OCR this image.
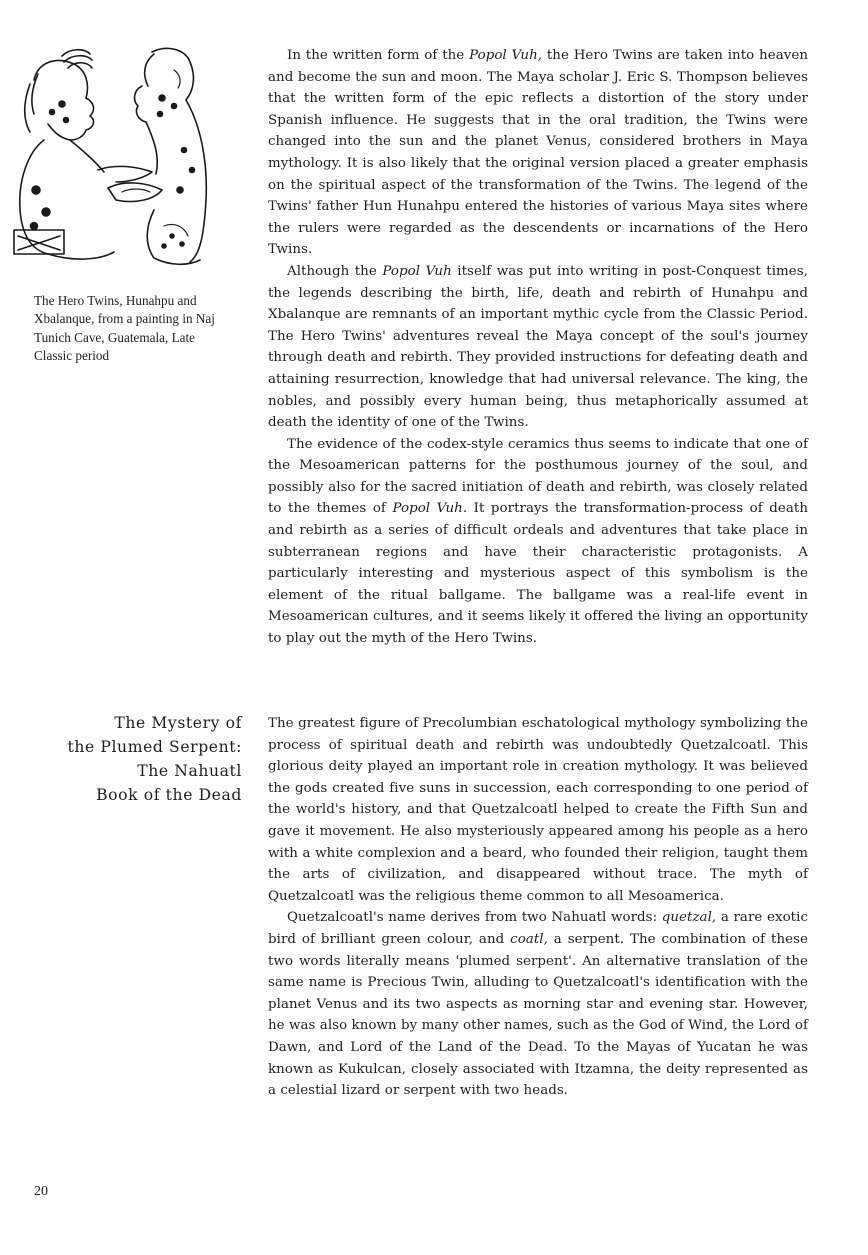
The Hero Twins, Hunahpu and Xbalanque, from a painting in Naj Tunich Cave, Guatemala, Late Classic period

In the written form of the Popol Vuh, the Hero Twins are taken into heaven and become the sun and moon. The Maya scholar J. Eric S. Thompson believes that the written form of the epic reflects a distortion of the story under Spanish influence. He suggests that in the oral tradition, the Twins were changed into the sun and the planet Venus, considered brothers in Maya mythology. It is also likely that the original version placed a greater emphasis on the spiritual aspect of the transformation of the Twins. The legend of the Twins' father Hun Hunahpu entered the histories of various Maya sites where the rulers were regarded as the descendents or incarnations of the Hero Twins.

Although the Popol Vuh itself was put into writing in post-Conquest times, the legends describing the birth, life, death and rebirth of Hunahpu and Xbalanque are remnants of an important mythic cycle from the Classic Period. The Hero Twins' adventures reveal the Maya concept of the soul's journey through death and rebirth. They provided instructions for defeating death and attaining resurrection, knowledge that had universal relevance. The king, the nobles, and possibly every human being, thus metaphorically assumed at death the identity of one of the Twins.

The evidence of the codex-style ceramics thus seems to indicate that one of the Mesoamerican patterns for the posthumous journey of the soul, and possibly also for the sacred initiation of death and rebirth, was closely related to the themes of Popol Vuh. It portrays the transformation-process of death and rebirth as a series of difficult ordeals and adventures that take place in subterranean regions and have their characteristic protagonists. A particularly interesting and mysterious aspect of this symbolism is the element of the ritual ballgame. The ballgame was a real-life event in Mesoamerican cultures, and it seems likely it offered the living an opportunity to play out the myth of the Hero Twins.

The Mystery of
the Plumed Serpent:
The Nahuatl
Book of the Dead

The greatest figure of Precolumbian eschatological mythology symbolizing the process of spiritual death and rebirth was undoubtedly Quetzalcoatl. This glorious deity played an important role in creation mythology. It was believed the gods created five suns in succession, each corresponding to one period of the world's history, and that Quetzalcoatl helped to create the Fifth Sun and gave it movement. He also mysteriously appeared among his people as a hero with a white complexion and a beard, who founded their religion, taught them the arts of civilization, and disappeared without trace. The myth of Quetzalcoatl was the religious theme common to all Mesoamerica.

Quetzalcoatl's name derives from two Nahuatl words: quetzal, a rare exotic bird of brilliant green colour, and coatl, a serpent. The combination of these two words literally means 'plumed serpent'. An alternative translation of the same name is Precious Twin, alluding to Quetzalcoatl's identification with the planet Venus and its two aspects as morning star and evening star. However, he was also known by many other names, such as the God of Wind, the Lord of Dawn, and Lord of the Land of the Dead. To the Mayas of Yucatan he was known as Kukulcan, closely associated with Itzamna, the deity represented as a celestial lizard or serpent with two heads.

20
